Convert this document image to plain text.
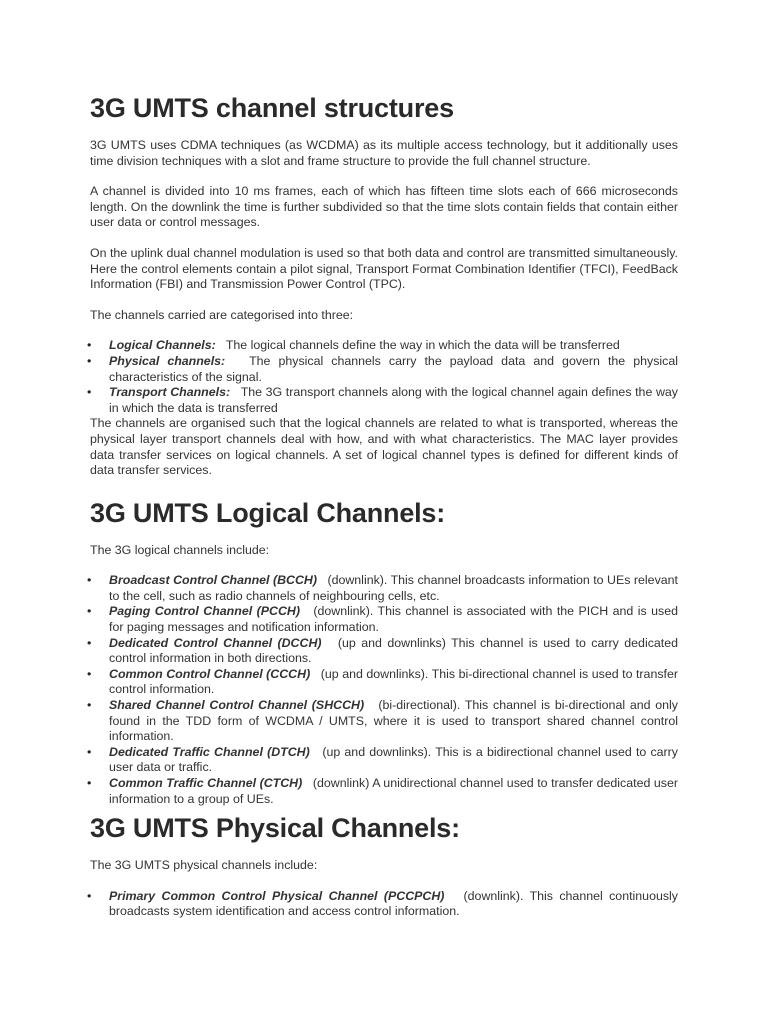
3G UMTS channel structures

3G UMTS uses CDMA techniques (as WCDMA) as its multiple access technology, but it additionally uses time division techniques with a slot and frame structure to provide the full channel structure.

A channel is divided into 10 ms frames, each of which has fifteen time slots each of 666 microseconds length. On the downlink the time is further subdivided so that the time slots contain fields that contain either user data or control messages.

On the uplink dual channel modulation is used so that both data and control are transmitted simultaneously. Here the control elements contain a pilot signal, Transport Format Combination Identifier (TFCI), FeedBack Information (FBI) and Transmission Power Control (TPC).

The channels carried are categorised into three:

• Logical Channels: The logical channels define the way in which the data will be transferred
• Physical channels: The physical channels carry the payload data and govern the physical characteristics of the signal.
• Transport Channels: The 3G transport channels along with the logical channel again defines the way in which the data is transferred

The channels are organised such that the logical channels are related to what is transported, whereas the physical layer transport channels deal with how, and with what characteristics. The MAC layer provides data transfer services on logical channels. A set of logical channel types is defined for different kinds of data transfer services.

3G UMTS Logical Channels:

The 3G logical channels include:

• Broadcast Control Channel (BCCH) (downlink). This channel broadcasts information to UEs relevant to the cell, such as radio channels of neighbouring cells, etc.
• Paging Control Channel (PCCH) (downlink). This channel is associated with the PICH and is used for paging messages and notification information.
• Dedicated Control Channel (DCCH) (up and downlinks) This channel is used to carry dedicated control information in both directions.
• Common Control Channel (CCCH) (up and downlinks). This bi-directional channel is used to transfer control information.
• Shared Channel Control Channel (SHCCH) (bi-directional). This channel is bi-directional and only found in the TDD form of WCDMA / UMTS, where it is used to transport shared channel control information.
• Dedicated Traffic Channel (DTCH) (up and downlinks). This is a bidirectional channel used to carry user data or traffic.
• Common Traffic Channel (CTCH) (downlink) A unidirectional channel used to transfer dedicated user information to a group of UEs.
3G UMTS Physical Channels:

The 3G UMTS physical channels include:

• Primary Common Control Physical Channel (PCCPCH) (downlink). This channel continuously broadcasts system identification and access control information.
